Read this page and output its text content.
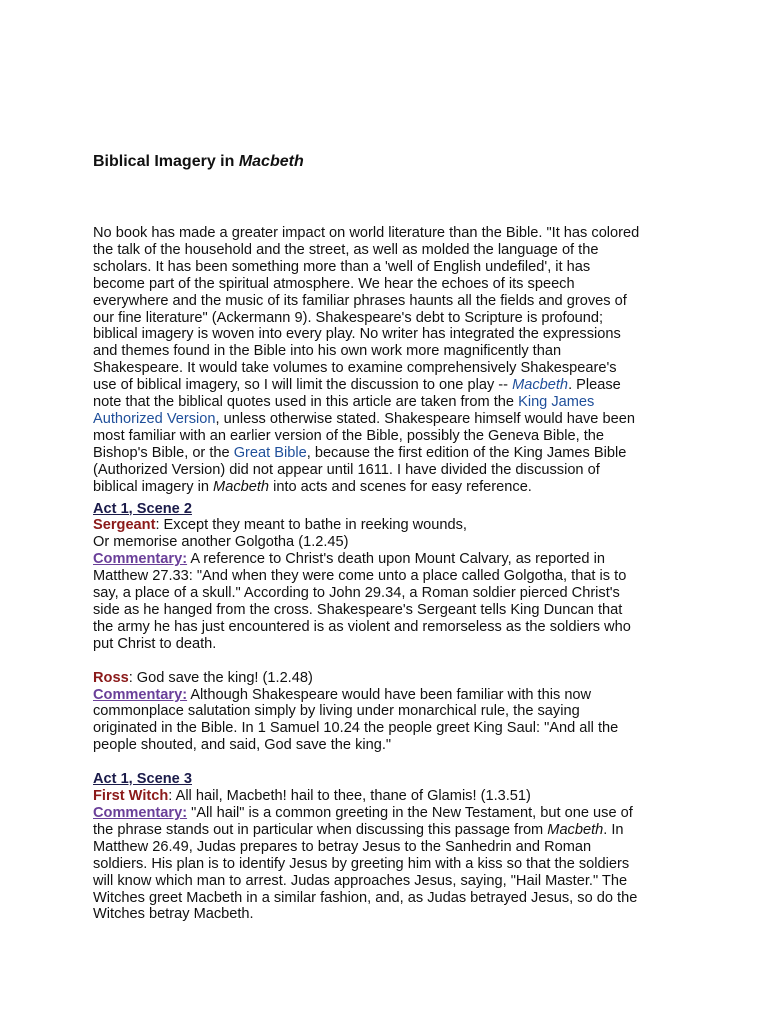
Biblical Imagery in Macbeth

No book has made a greater impact on world literature than the Bible. "It has colored
the talk of the household and the street, as well as molded the language of the
scholars. It has been something more than a 'well of English undefiled', it has
become part of the spiritual atmosphere. We hear the echoes of its speech
everywhere and the music of its familiar phrases haunts all the fields and groves of
our fine literature" (Ackermann 9). Shakespeare's debt to Scripture is profound;
biblical imagery is woven into every play. No writer has integrated the expressions
and themes found in the Bible into his own work more magnificently than
Shakespeare. It would take volumes to examine comprehensively Shakespeare's
use of biblical imagery, so I will limit the discussion to one play -- Macbeth. Please
note that the biblical quotes used in this article are taken from the King James
Authorized Version, unless otherwise stated. Shakespeare himself would have been
most familiar with an earlier version of the Bible, possibly the Geneva Bible, the
Bishop's Bible, or the Great Bible, because the first edition of the King James Bible
(Authorized Version) did not appear until 1611. I have divided the discussion of
biblical imagery in Macbeth into acts and scenes for easy reference.

Act 1, Scene 2
Sergeant: Except they meant to bathe in reeking wounds,
Or memorise another Golgotha (1.2.45)
Commentary: A reference to Christ's death upon Mount Calvary, as reported in
Matthew 27.33: "And when they were come unto a place called Golgotha, that is to
say, a place of a skull." According to John 29.34, a Roman soldier pierced Christ's
side as he hanged from the cross. Shakespeare's Sergeant tells King Duncan that
the army he has just encountered is as violent and remorseless as the soldiers who
put Christ to death.
Ross: God save the king! (1.2.48)
Commentary: Although Shakespeare would have been familiar with this now
commonplace salutation simply by living under monarchical rule, the saying
originated in the Bible. In 1 Samuel 10.24 the people greet King Saul: "And all the
people shouted, and said, God save the king."
Act 1, Scene 3
First Witch: All hail, Macbeth! hail to thee, thane of Glamis! (1.3.51)
Commentary: "All hail" is a common greeting in the New Testament, but one use of
the phrase stands out in particular when discussing this passage from Macbeth. In
Matthew 26.49, Judas prepares to betray Jesus to the Sanhedrin and Roman
soldiers. His plan is to identify Jesus by greeting him with a kiss so that the soldiers
will know which man to arrest. Judas approaches Jesus, saying, "Hail Master." The
Witches greet Macbeth in a similar fashion, and, as Judas betrayed Jesus, so do the
Witches betray Macbeth.
